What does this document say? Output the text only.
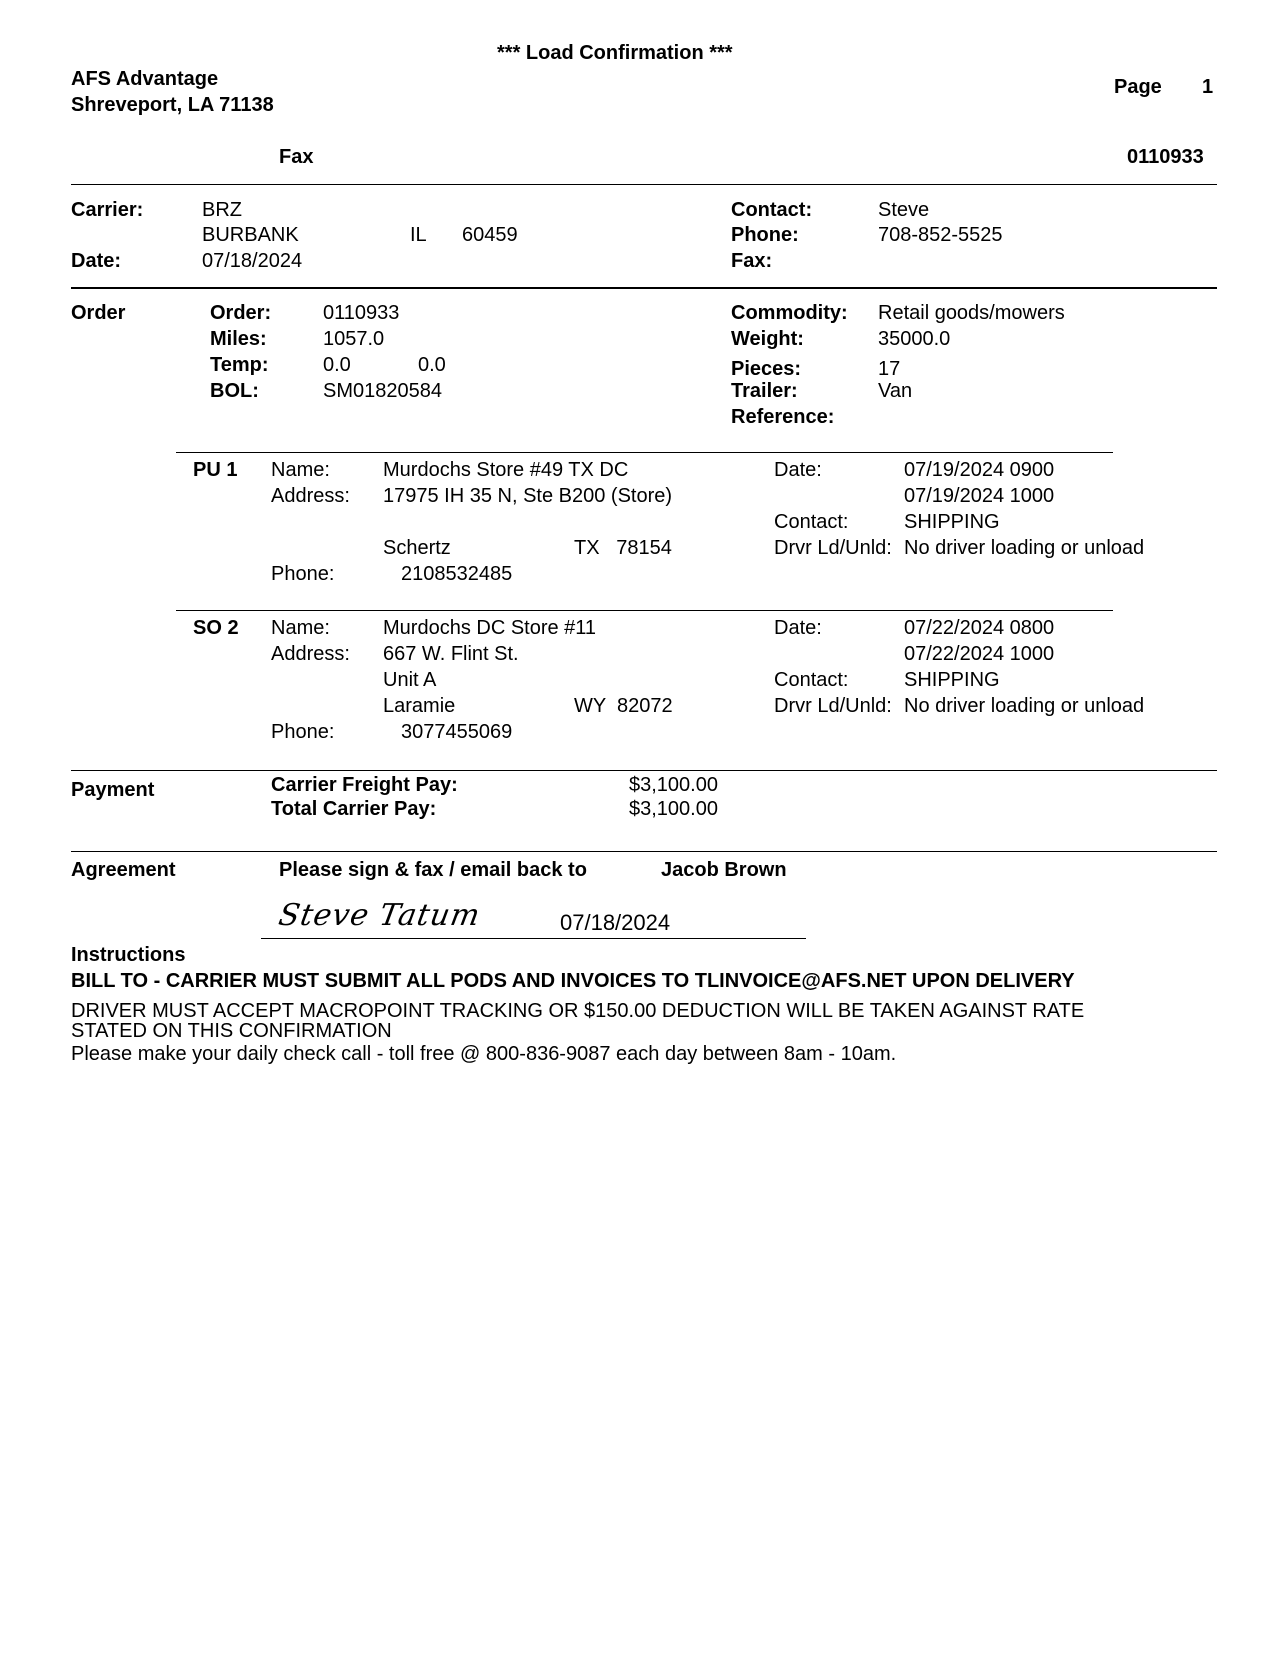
*** Load Confirmation ***
AFS Advantage
Shreveport, LA 71138
Page 1
Fax	0110933
Carrier:	BRZ
BURBANK	IL 60459
Date:	07/18/2024
Contact:	Steve
Phone:	708-852-5525
Fax:
Order	Order:	0110933
Miles:	1057.0
Temp:	0.0	0.0
BOL:	SM01820584
Commodity: Retail goods/mowers
Weight:	35000.0
Pieces:	17
Trailer:	Van
Reference:
PU 1 Name:	Murdochs Store #49 TX DC
Address: 17975 IH 35 N, Ste B200 (Store)
Schertz	TX   78154
Phone:	2108532485
Date:	07/19/2024 0900
07/19/2024 1000
Contact:	SHIPPING
Drvr Ld/Unld: No driver loading or unload
SO 2 Name:	Murdochs DC Store #11
Address: 667 W. Flint St.
Unit A
Laramie	WY  82072
Phone:	3077455069
Date:	07/22/2024 0800
07/22/2024 1000
Contact:	SHIPPING
Drvr Ld/Unld: No driver loading or unload
Payment	Carrier Freight Pay:	$3,100.00
Total Carrier Pay:	$3,100.00
Agreement	Please sign & fax / email back to	Jacob Brown
Steve Tatum	07/18/2024
Instructions
BILL TO - CARRIER MUST SUBMIT ALL PODS AND INVOICES TO TLINVOICE@AFS.NET UPON DELIVERY
DRIVER MUST ACCEPT MACROPOINT TRACKING OR $150.00 DEDUCTION WILL BE TAKEN AGAINST RATE
STATED ON THIS CONFIRMATION
Please make your daily check call - toll free @ 800-836-9087 each day between 8am - 10am.
